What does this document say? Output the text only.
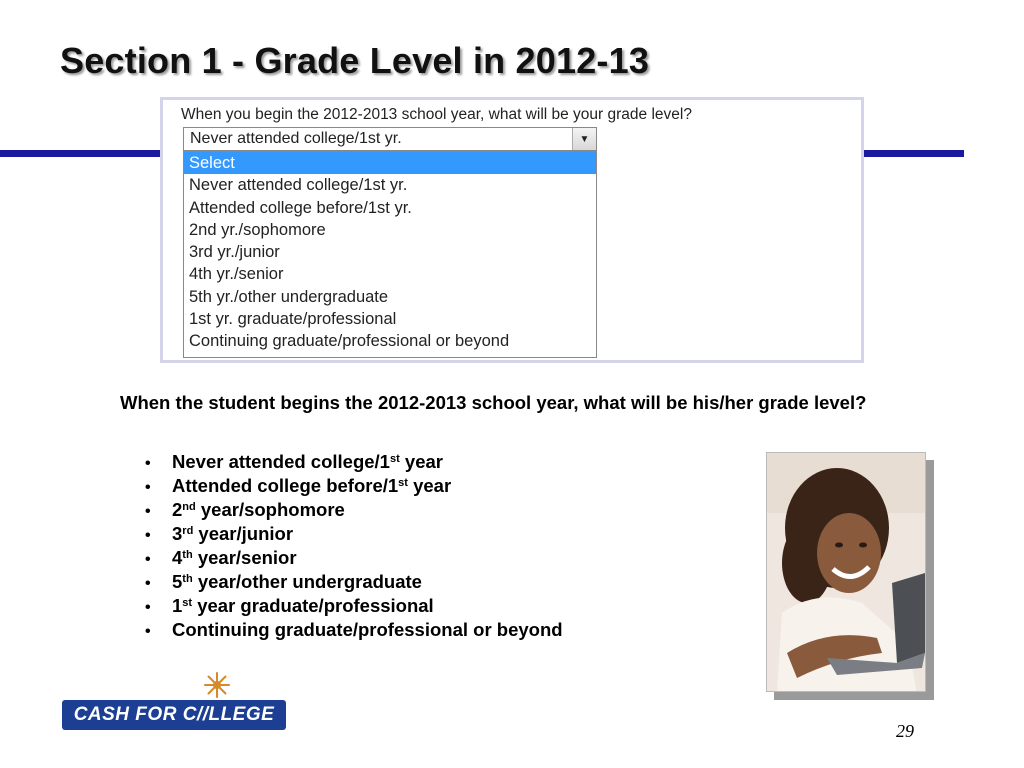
Section 1 - Grade Level in 2012-13
When you begin the 2012-2013 school year, what will be your grade level?
Never attended college/1st yr.	▼
Select
Never attended college/1st yr.
Attended college before/1st yr.
2nd yr./sophomore
3rd yr./junior
4th yr./senior
5th yr./other undergraduate
1st yr. graduate/professional
Continuing graduate/professional or beyond

When the student begins the 2012-2013 school year, what will be his/her grade level?

• Never attended college/1st year
• Attended college before/1st year
• 2nd year/sophomore
• 3rd year/junior
• 4th year/senior
• 5th year/other undergraduate
• 1st year graduate/professional
• Continuing graduate/professional or beyond
CASH FOR C//LLEGE
29
